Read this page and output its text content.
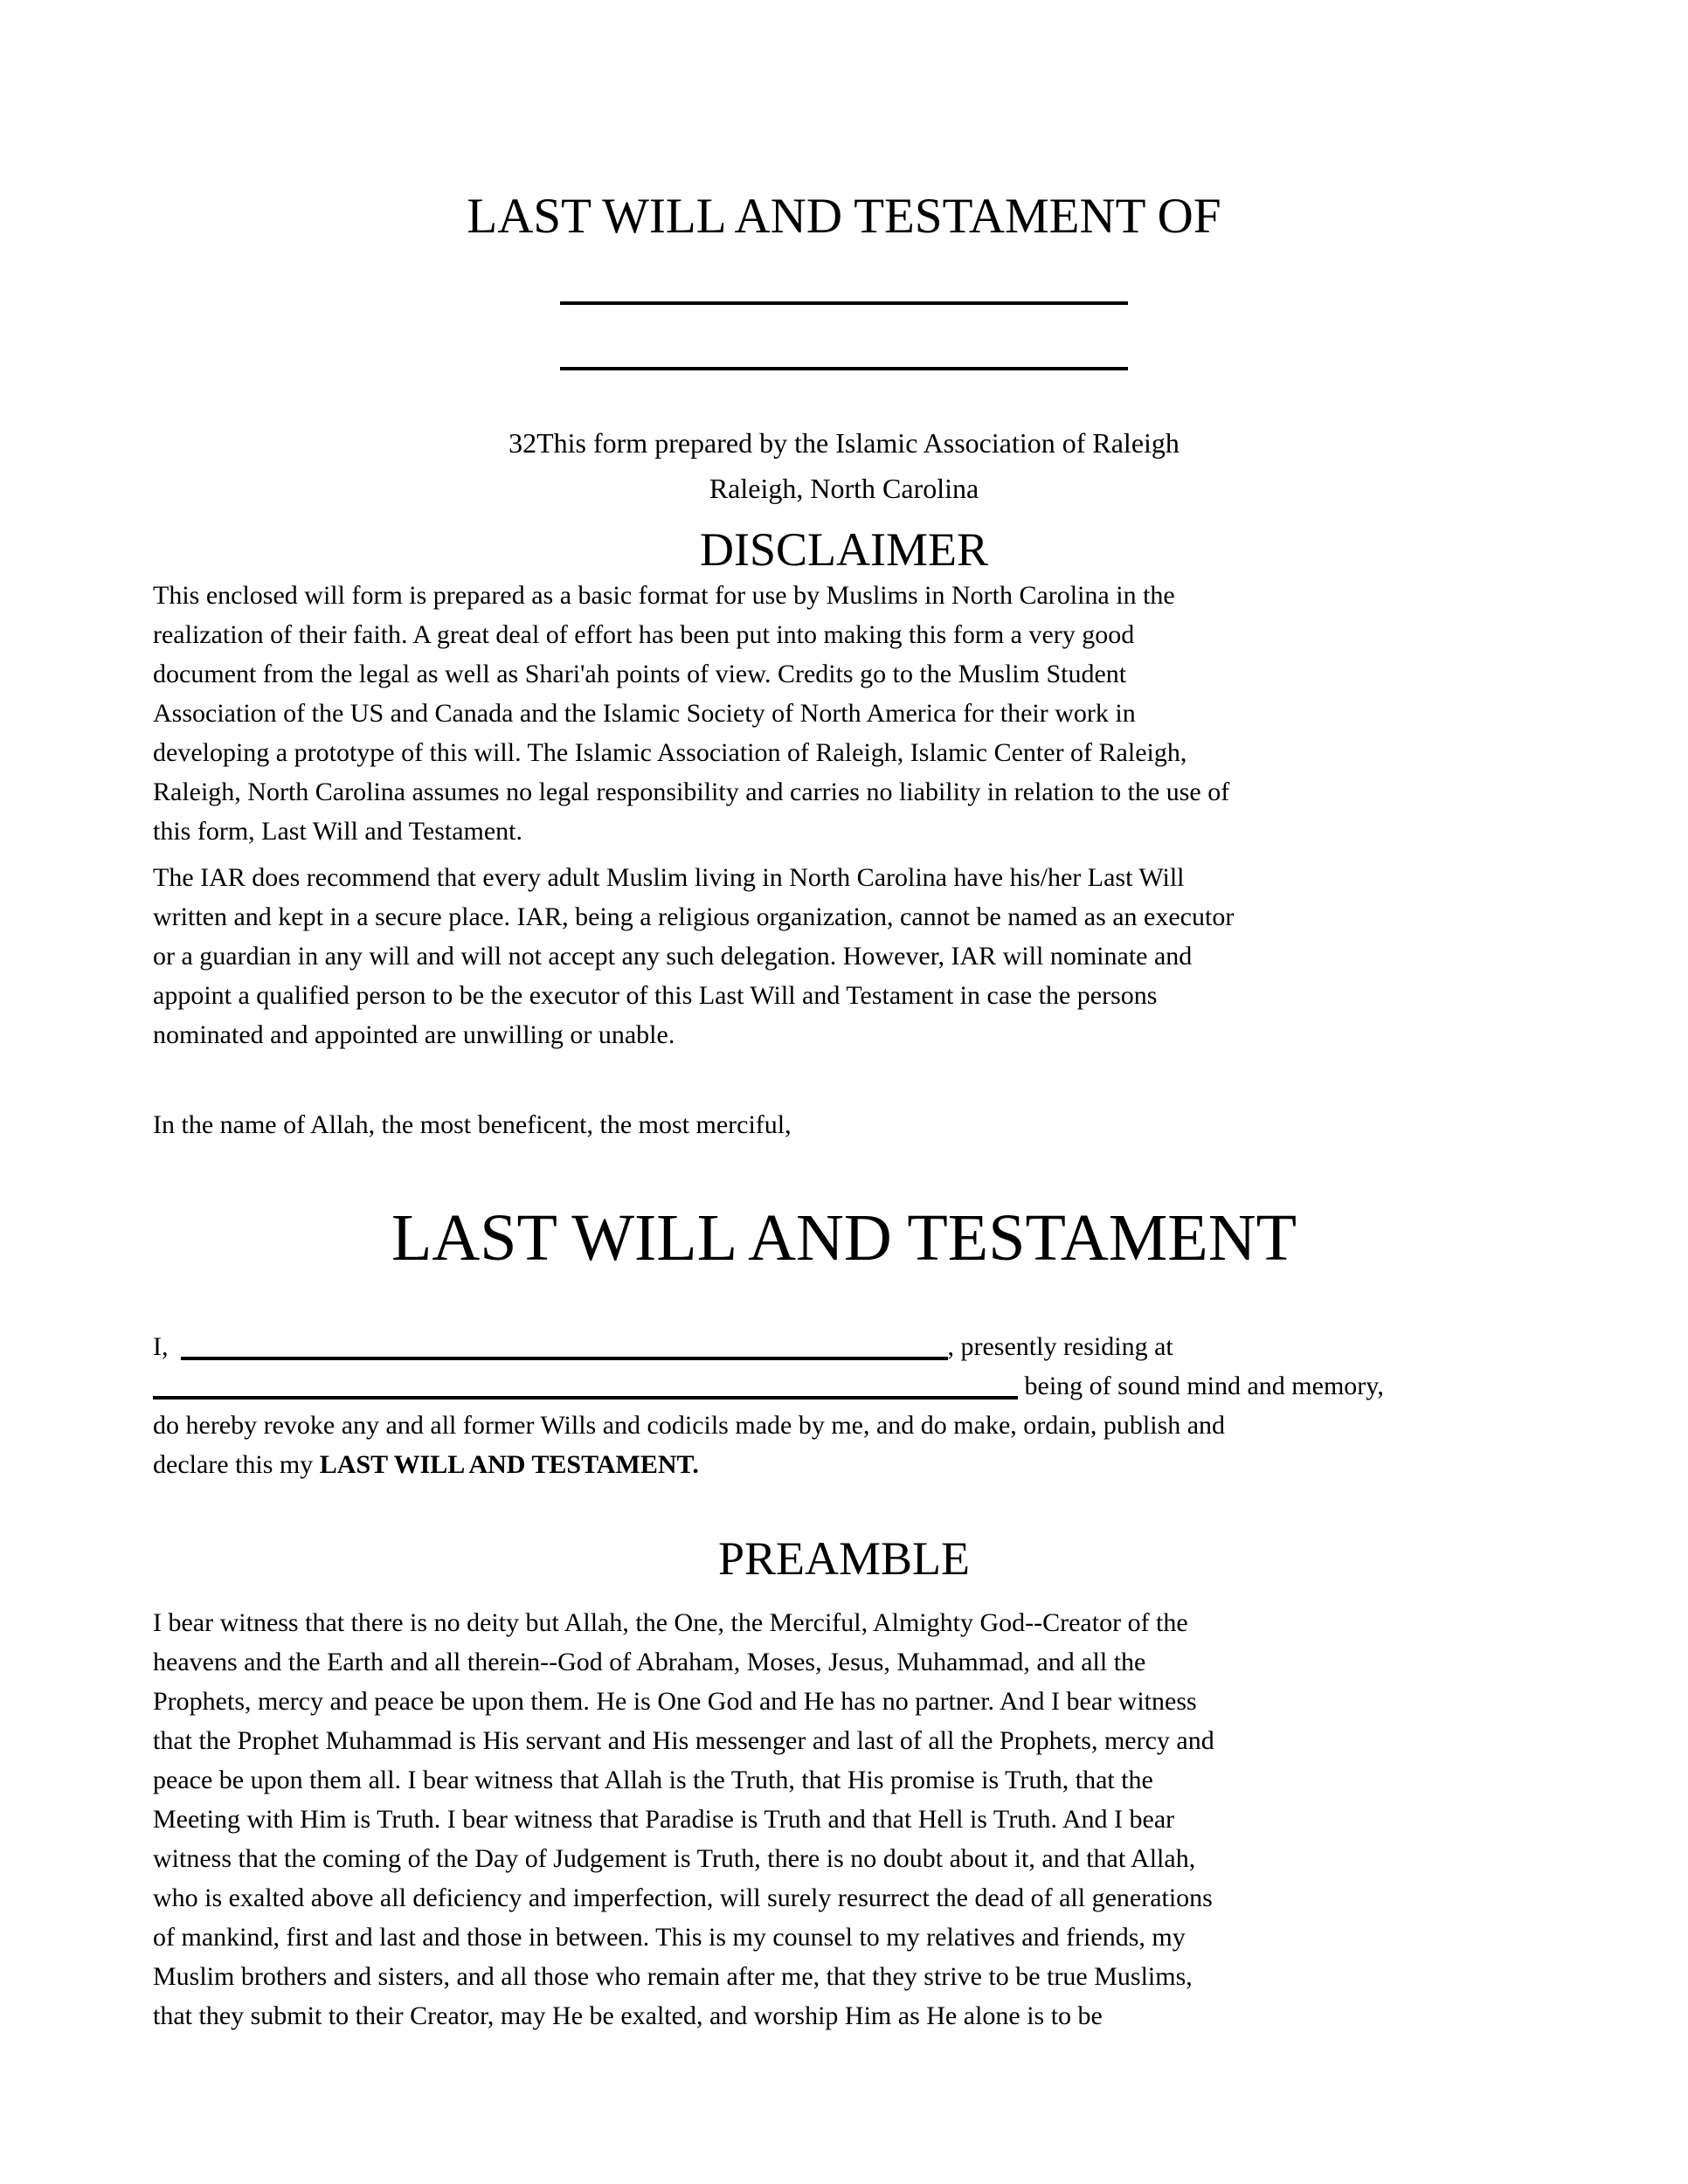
LAST WILL AND TESTAMENT OF
32This form prepared by the Islamic Association of Raleigh
Raleigh, North Carolina
DISCLAIMER
This enclosed will form is prepared as a basic format for use by Muslims in North Carolina in the
realization of their faith. A great deal of effort has been put into making this form a very good
document from the legal as well as Shari'ah points of view. Credits go to the Muslim Student
Association of the US and Canada and the Islamic Society of North America for their work in
developing a prototype of this will. The Islamic Association of Raleigh, Islamic Center of Raleigh,
Raleigh, North Carolina assumes no legal responsibility and carries no liability in relation to the use of
this form, Last Will and Testament.
The IAR does recommend that every adult Muslim living in North Carolina have his/her Last Will
written and kept in a secure place. IAR, being a religious organization, cannot be named as an executor
or a guardian in any will and will not accept any such delegation. However, IAR will nominate and
appoint a qualified person to be the executor of this Last Will and Testament in case the persons
nominated and appointed are unwilling or unable.
In the name of Allah, the most beneficent, the most merciful,
LAST WILL AND TESTAMENT
I,	, presently residing at
being of sound mind and memory,
do hereby revoke any and all former Wills and codicils made by me, and do make, ordain, publish and
declare this my LAST WILL AND TESTAMENT.
PREAMBLE
I bear witness that there is no deity but Allah, the One, the Merciful, Almighty God--Creator of the
heavens and the Earth and all therein--God of Abraham, Moses, Jesus, Muhammad, and all the
Prophets, mercy and peace be upon them. He is One God and He has no partner. And I bear witness
that the Prophet Muhammad is His servant and His messenger and last of all the Prophets, mercy and
peace be upon them all. I bear witness that Allah is the Truth, that His promise is Truth, that the
Meeting with Him is Truth. I bear witness that Paradise is Truth and that Hell is Truth. And I bear
witness that the coming of the Day of Judgement is Truth, there is no doubt about it, and that Allah,
who is exalted above all deficiency and imperfection, will surely resurrect the dead of all generations
of mankind, first and last and those in between. This is my counsel to my relatives and friends, my
Muslim brothers and sisters, and all those who remain after me, that they strive to be true Muslims,
that they submit to their Creator, may He be exalted, and worship Him as He alone is to be
